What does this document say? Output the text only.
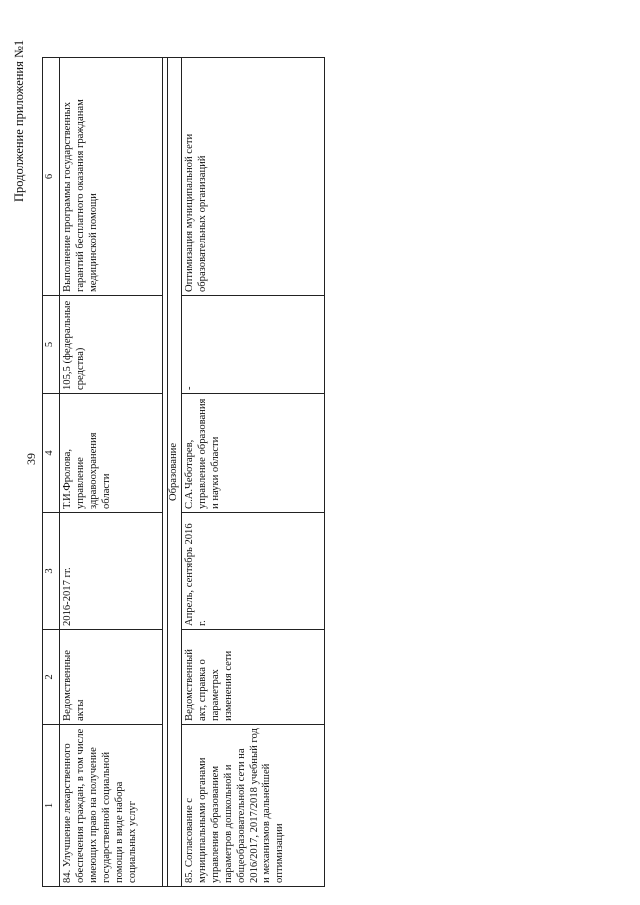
Продолжение приложения №1
39
1	2	3	4	5	6
84. Улучшение лекарственного обеспечения граждан, в том числе имеющих право на получение государственной социальной помощи в виде набора социальных услуг	Ведомственные акты	2016-2017 гг.	Т.И.Фролова, управление здравоохранения области	105,5 (федеральные средства)	Выполнение программы государственных гарантий бесплатного оказания гражданам медицинской помощи

Образование					
85. Согласование с муниципальными органами управления образованием параметров дошкольной и общеобразовательной сети на 2016/2017, 2017/2018 учебный год и механизмов дальнейшей оптимизации	Ведомственный акт, справка о параметрах изменения сети	Апрель, сентябрь 2016 г.	С.А.Чеботарев, управление образования и науки области	-	Оптимизация муниципальной сети образовательных организаций
